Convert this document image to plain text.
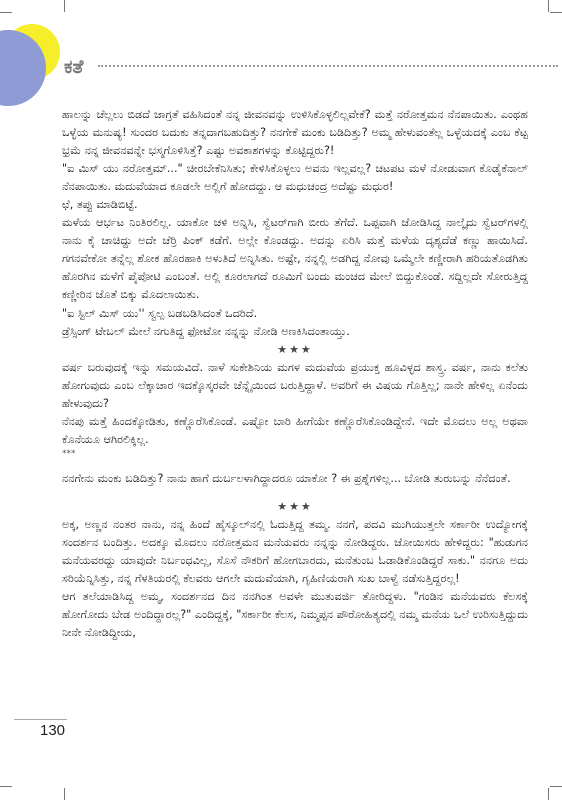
ಕತೆ

ಹಾಲನ್ನು ಚೆಲ್ಲಲು ಬಿಡದೆ ಜಾಗ್ರತೆ ವಹಿಸಿದಂತೆ ನನ್ನ ಜೀವನವನ್ನು ಉಳಿಸಿಕೊಳ್ಳಲಿಲ್ಲವೇಕೆ? ಮತ್ತೆ ನರೋತ್ತಮನ ನೆನಪಾಯಿತು. ಎಂಥಹ ಒಳ್ಳೆಯ ಮನುಷ್ಯ! ಸುಂದರ ಬದುಕು ತನ್ನದಾಗಬಹುದಿತ್ತು? ನನಗೇಕೆ ಮಂಕು ಬಡಿದಿತ್ತು? ಅಮ್ಮ ಹೇಳುವಂತೆಲ್ಲ ಒಳ್ಳೆಯದಕ್ಕೆ ಎಂಬ ಕೆಟ್ಟ ಭ್ರಮೆ ನನ್ನ ಜೀವನವನ್ನೇ ಭಸ್ಮಗೊಳಿಸಿತ್ತೆ? ಎಷ್ಟು ಅವಕಾಶಗಳನ್ನು ಕೊಟ್ಟಿದ್ದರು?!

"ಐ ಮಿಸ್ ಯು ನರೋತ್ತಮ್..." ಚೀರಬೇಕೆನಿಸಿತು; ಕೇಳಿಸಿಕೊಳ್ಳಲು ಅವನು ಇಲ್ಲವಲ್ಲ? ಚಟಪಟ ಮಳೆ ನೋಡುವಾಗ ಕೊಡೈಕೆನಾಲ್ ನೆನಪಾಯಿತು. ಮದುವೆಯಾದ ಕೂಡಲೇ ಅಲ್ಲಿಗೆ ಹೋದದ್ದು. ಆ ಮಧುಚಂದ್ರ ಅದೆಷ್ಟು ಮಧುರ!

ಛೆ, ತಪ್ಪು ಮಾಡಿಬಿಟ್ಟೆ.

ಮಳೆಯ ಆರ್ಭಟ ನಿಂತಿರಲಿಲ್ಲ. ಯಾಕೋ ಚಳಿ ಅನ್ನಿಸಿ, ಸ್ವೆಟರ್‌ಗಾಗಿ ಬೀರು ತೆಗೆದೆ. ಒಪ್ಪವಾಗಿ ಜೋಡಿಸಿದ್ದ ನಾಲ್ಕೈದು ಸ್ವೆಟರ್‌ಗಳಲ್ಲಿ ನಾನು ಕೈ ಚಾಚಿದ್ದು ಅದೇ ಚೆರ್ರಿ ಪಿಂಕ್ ಕಡೆಗೆ. ಅಲ್ಲೇ ಕೊಂಡದ್ದು. ಅದನ್ನು ಏರಿಸಿ ಮತ್ತೆ ಮಳೆಯ ದೃಶ್ಯದೆಡೆ ಕಣ್ಣು ಹಾಯಿಸಿದೆ. ಗಗನವೇಕೋ ತನ್ನೆಲ್ಲ ಶೋಕ ಹೊರಹಾಕಿ ಅಳುತಿದೆ ಅನ್ನಿಸಿತು. ಅಷ್ಟೇ, ನನ್ನಲ್ಲಿ ಅಡಗಿದ್ದ ನೋವು ಒಮ್ಮೆಲೇ ಕಣ್ಣೀರಾಗಿ ಹರಿಯತೊಡಗಿತು ಹೊರಗಿನ ಮಳೆಗೆ ಪೈಪೋಟಿ ಎಂಬಂತೆ. ಅಲ್ಲಿ ಕೂರಲಾಗದೆ ರೂಮಿಗೆ ಬಂದು ಮಂಚದ ಮೇಲೆ ಬಿದ್ದುಕೊಂಡೆ. ಸದ್ದಿಲ್ಲದೇ ಸೋರುತ್ತಿದ್ದ ಕಣ್ಣೀರಿನ ಜೊತೆ ಬಿಕ್ಕು ಮೊದಲಾಯಿತು.

"ಐ ಸ್ಟಿಲ್ ಮಿಸ್ ಯು'' ಸ್ವಲ್ಪ ಬಡಬಡಿಸಿದಂತೆ ಒದರಿದೆ.

ಡ್ರೆಸ್ಸಿಂಗ್ ಟೇಬಲ್ ಮೇಲೆ ನಗುತಿದ್ದ ಫೋಟೋ ನನ್ನನ್ನು ನೋಡಿ ಅಣಕಿಸಿದಂತಾಯ್ತು.

★★★

ವರ್ಷ ಬರುವುದಕ್ಕೆ ಇನ್ನು ಸಮಯವಿದೆ. ನಾಳೆ ಸುಕೇಶಿನಿಯ ಮಗಳ ಮದುವೆಯ ಪ್ರಯುಕ್ತ ಹೂವಿಳ್ಳದ ಶಾಸ್ತ್ರ. ವರ್ಷ, ನಾನು ಕಲೆತು ಹೋಗುವುದು ಎಂಬ ಲೆಕ್ಕಾಚಾರ ಇದಕ್ಕೊಸ್ಕರವೇ ಚೆನ್ನೈಯಿಂದ ಬರುತ್ತಿದ್ದಾಳೆ. ಅವರಿಗೆ ಈ ವಿಷಯ ಗೊತ್ತಿಲ್ಲ; ನಾನೇ ಹೇಳಿಲ್ಲ ಏನೆಂದು ಹೇಳುವುದು?

ನೆನಪು ಮತ್ತೆ ಹಿಂದಕ್ಕೋಡಿತು, ಕಣ್ಣೊರೆಸಿಕೊಂಡೆ. ಎಷ್ಟೋ ಬಾರಿ ಹೀಗೆಯೇ ಕಣ್ಣೊರೆಸಿಕೊಂಡಿದ್ದೇನೆ. ಇದೇ ಮೊದಲು ಅಲ್ಲ ಅಥವಾ ಕೊನೆಯೂ ಆಗಿರಲಿಕ್ಕಿಲ್ಲ.

***

ನನಗೇನು ಮಂಕು ಬಡಿದಿತ್ತು? ನಾನು ಹಾಗೆ ದುರ್ಬಲಳಾಗಿದ್ದಾದರೂ ಯಾಕೋ ? ಈ ಪ್ರಶ್ನೆಗಳಿಲ್ಲ... ಬೋಡಿ ತುರುಬನ್ನು ನೆನೆದಂತೆ.

★★★

ಅಕ್ಕ, ಅಣ್ಣನ ನಂತರ ನಾನು, ನನ್ನ ಹಿಂದೆ ಹೈಸ್ಕೂಲ್‌ನಲ್ಲಿ ಓದುತ್ತಿದ್ದ ತಮ್ಮ. ನನಗೆ, ಪದವಿ ಮುಗಿಯುತ್ತಲೇ ಸರ್ಕಾರೀ ಉದ್ಯೋಗಕ್ಕೆ ಸಂದರ್ಶನ ಬಂದಿತ್ತು. ಅದಕ್ಕೂ ಮೊದಲು ನರೋತ್ತಮನ ಮನೆಯವರು ನನ್ನನ್ನು ನೋಡಿದ್ದರು. ಜೋಯಿಸರು ಹೇಳಿದ್ದರು: "ಹುಡುಗನ ಮನೆಯವರದ್ದು ಯಾವುದೇ ನಿರ್ಬಂಧವಿಲ್ಲ, ಸೊಸೆ ನೌಕರಿಗೆ ಹೋಗಬಾರದು, ಮನೆತುಂಬ ಓಡಾಡಿಕೊಂಡಿದ್ದರೆ ಸಾಕು." ನನಗೂ ಅದು ಸರಿಯೆನ್ನಿಸಿತ್ತು, ನನ್ನ ಗೆಳತಿಯರಲ್ಲಿ ಕೆಲವರು ಆಗಲೇ ಮದುವೆಯಾಗಿ, ಗೃಹಿಣಿಯರಾಗಿ ಸುಖ ಬಾಳ್ವೆ ನಡೆಸುತ್ತಿದ್ದರಲ್ಲ!

ಆಗ ತಲೆಯಾಡಿಸಿದ್ದ ಅಮ್ಮ, ಸಂದರ್ಶನದ ದಿನ ನನಗಿಂತ ಅವಳೇ ಮುತುವರ್ಜಿ ತೋರಿದ್ದಳು. "ಗಂಡಿನ ಮನೆಯವರು ಕೆಲಸಕ್ಕೆ ಹೋಗೋದು ಬೇಡ ಅಂದಿದ್ದಾರಲ್ಲ?" ಎಂದಿದ್ದಕ್ಕೆ, "ಸರ್ಕಾರೀ ಕೆಲಸ, ನಿಮ್ಮಪ್ಪನ ಪೌರೋಹಿತ್ಯದಲ್ಲಿ ನಮ್ಮ ಮನೆಯ ಒಲೆ ಉರಿಸುತ್ತಿದ್ದುದು ನೀನೇ ನೋಡಿದ್ದೀಯ,

130
